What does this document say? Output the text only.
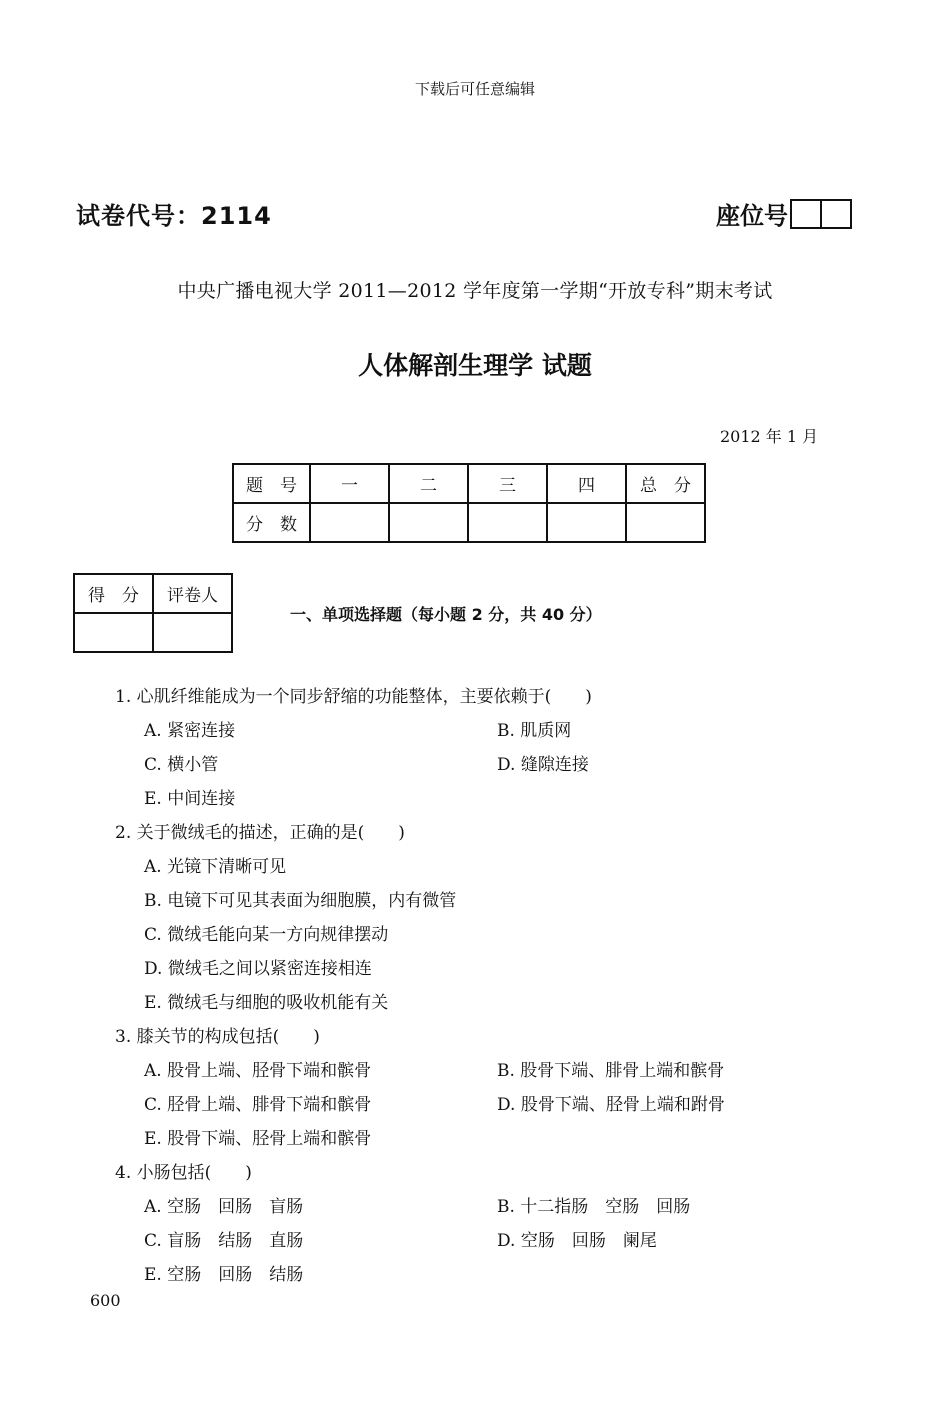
下载后可任意编辑
试卷代号：2114	座位号
中央广播电视大学 2011—2012 学年度第一学期“开放专科”期末考试
人体解剖生理学 试题
2012 年 1 月
题　号	一	二	三	四	总　分
分　数					
得　分	评卷人

一、单项选择题（每小题 2 分，共 40 分）
1. 心肌纤维能成为一个同步舒缩的功能整体，主要依赖于(　　)
A. 紧密连接	B. 肌质网
C. 横小管	D. 缝隙连接
E. 中间连接
2. 关于微绒毛的描述，正确的是(　　)
A. 光镜下清晰可见
B. 电镜下可见其表面为细胞膜，内有微管
C. 微绒毛能向某一方向规律摆动
D. 微绒毛之间以紧密连接相连
E. 微绒毛与细胞的吸收机能有关
3. 膝关节的构成包括(　　)
A. 股骨上端、胫骨下端和髌骨	B. 股骨下端、腓骨上端和髌骨
C. 胫骨上端、腓骨下端和髌骨	D. 股骨下端、胫骨上端和跗骨
E. 股骨下端、胫骨上端和髌骨
4. 小肠包括(　　)
A. 空肠　回肠　盲肠	B. 十二指肠　空肠　回肠
C. 盲肠　结肠　直肠	D. 空肠　回肠　阑尾
E. 空肠　回肠　结肠
600
